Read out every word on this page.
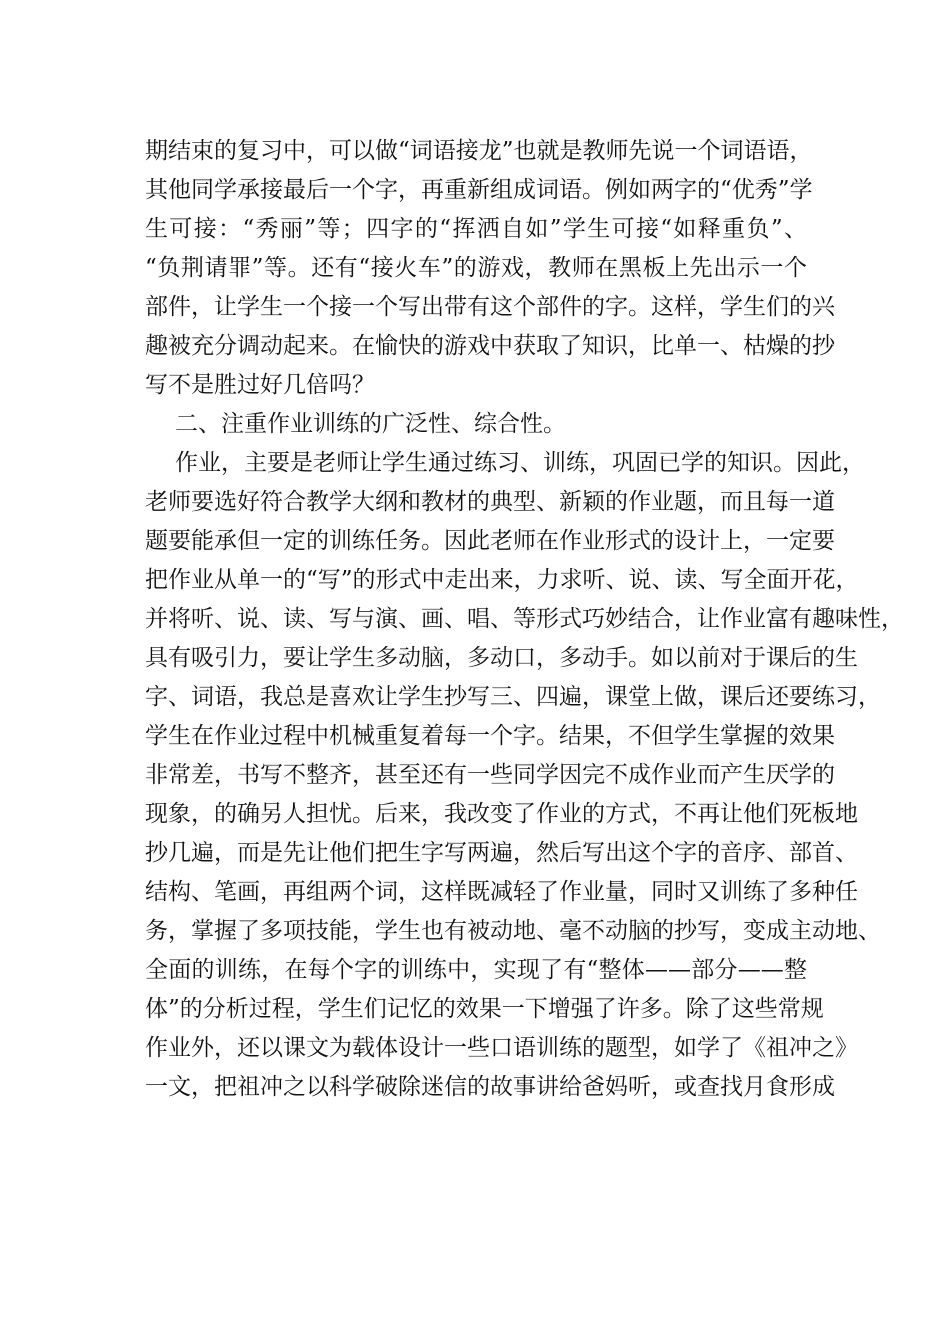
期结束的复习中，可以做“词语接龙”也就是教师先说一个词语语，
其他同学承接最后一个字，再重新组成词语。例如两字的“优秀”学
生可接：“秀丽”等；四字的“挥洒自如”学生可接“如释重负”、
“负荆请罪”等。还有“接火车”的游戏，教师在黑板上先出示一个
部件，让学生一个接一个写出带有这个部件的字。这样，学生们的兴
趣被充分调动起来。在愉快的游戏中获取了知识，比单一、枯燥的抄
写不是胜过好几倍吗？
二、注重作业训练的广泛性、综合性。
作业，主要是老师让学生通过练习、训练，巩固已学的知识。因此，
老师要选好符合教学大纲和教材的典型、新颖的作业题，而且每一道
题要能承但一定的训练任务。因此老师在作业形式的设计上，一定要
把作业从单一的“写”的形式中走出来，力求听、说、读、写全面开花，
并将听、说、读、写与演、画、唱、等形式巧妙结合，让作业富有趣味性，
具有吸引力，要让学生多动脑，多动口，多动手。如以前对于课后的生
字、词语，我总是喜欢让学生抄写三、四遍，课堂上做，课后还要练习，
学生在作业过程中机械重复着每一个字。结果，不但学生掌握的效果
非常差，书写不整齐，甚至还有一些同学因完不成作业而产生厌学的
现象，的确另人担忧。后来，我改变了作业的方式，不再让他们死板地
抄几遍，而是先让他们把生字写两遍，然后写出这个字的音序、部首、
结构、笔画，再组两个词，这样既减轻了作业量，同时又训练了多种任
务，掌握了多项技能，学生也有被动地、毫不动脑的抄写，变成主动地、
全面的训练，在每个字的训练中，实现了有“整体——部分——整
体”的分析过程，学生们记忆的效果一下增强了许多。除了这些常规
作业外，还以课文为载体设计一些口语训练的题型，如学了《祖冲之》
一文，把祖冲之以科学破除迷信的故事讲给爸妈听，或查找月食形成
